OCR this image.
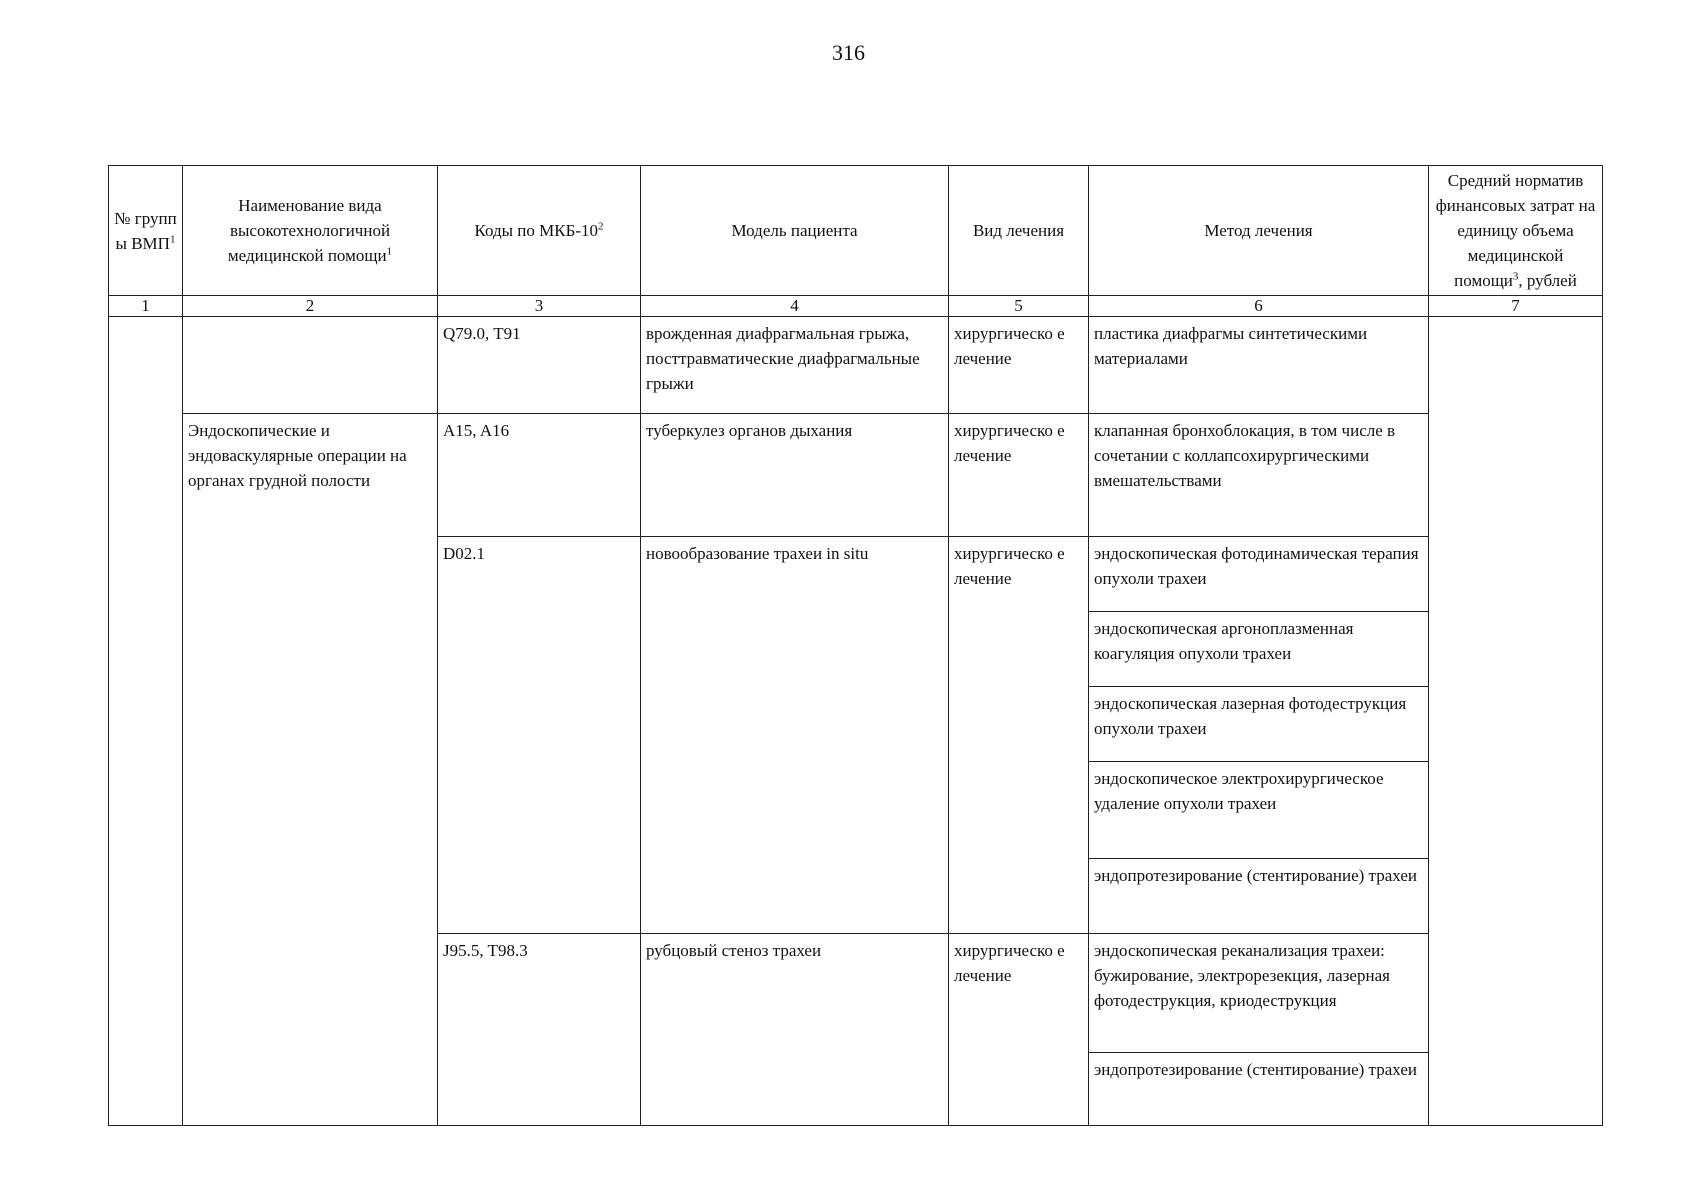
316
№ групп ы ВМП$^1$	Наименование вида высокотехнологичной медицинской помощи$^1$	Коды по МКБ-$10^2$	Модель пациента	Вид лечения	Метод лечения	Средний норматив финансовых затрат на единицу объема медицинской помощи$^3$, рублей
1	2	3	4	5	6	7
		Q79.0, T91	врожденная диафрагмальная грыжа, посттравматические диафрагмальные грыжи	хирургическо е лечение	пластика диафрагмы синтетическими материалами	
	Эндоскопические и эндоваскулярные операции на органах грудной полости	A15, A16	туберкулез органов дыхания	хирургическо е лечение	клапанная бронхоблокация, в том числе в сочетании с коллапсохирургическими вмешательствами	
		D02.1	новообразование трахеи in situ	хирургическо е лечение	эндоскопическая фотодинамическая терапия опухоли трахеи	
					эндоскопическая аргоноплазменная коагуляция опухоли трахеи	
					эндоскопическая лазерная фотодеструкция опухоли трахеи	
					эндоскопическое электрохирургическое удаление опухоли трахеи	
					эндопротезирование (стентирование) трахеи	
		J95.5, T98.3	рубцовый стеноз трахеи	хирургическо е лечение	эндоскопическая реканализация трахеи: бужирование, электрорезекция, лазерная фотодеструкция, криодеструкция	
					эндопротезирование (стентирование) трахеи	
